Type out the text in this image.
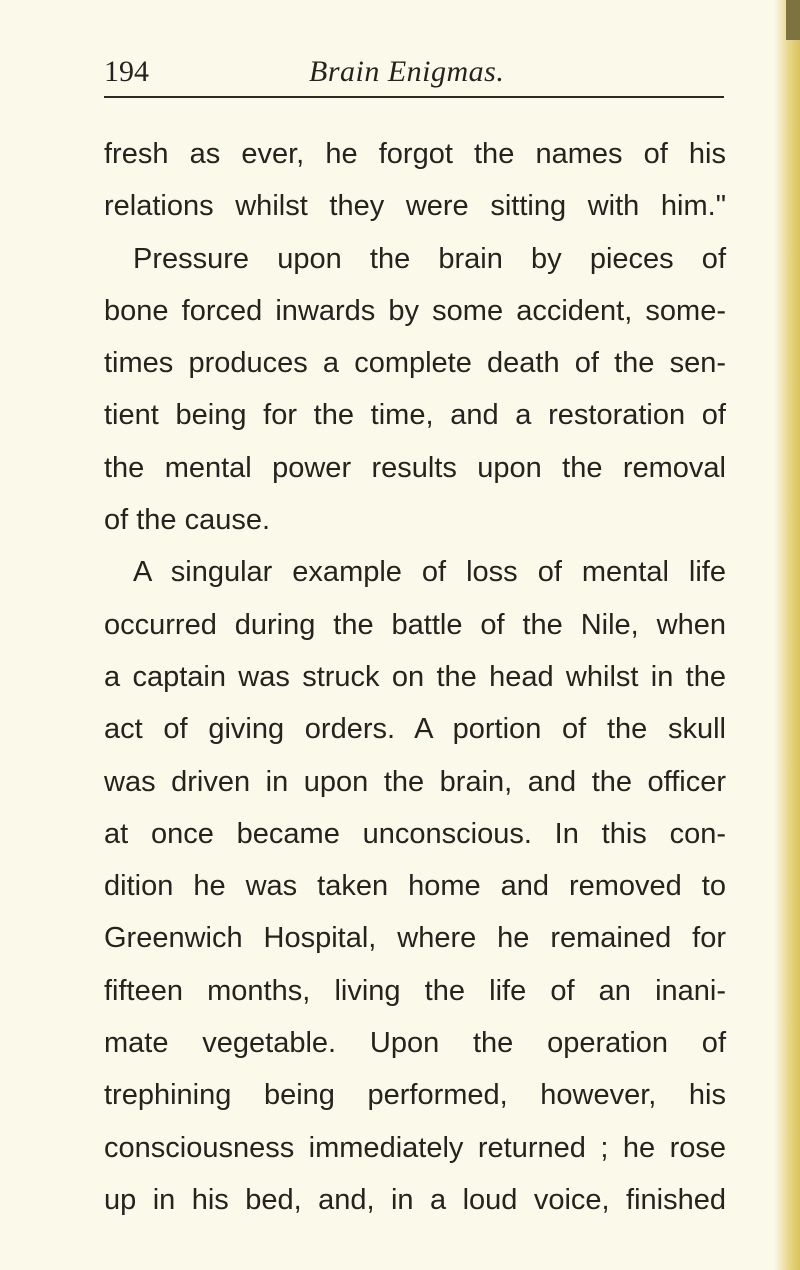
194	Brain Enigmas.
fresh as ever, he forgot the names of his
relations whilst they were sitting with him."
Pressure upon the brain by pieces of
bone forced inwards by some accident, some-
times produces a complete death of the sen-
tient being for the time, and a restoration of
the mental power results upon the removal
of the cause.
A singular example of loss of mental life
occurred during the battle of the Nile, when
a captain was struck on the head whilst in the
act of giving orders. A portion of the skull
was driven in upon the brain, and the officer
at once became unconscious. In this con-
dition he was taken home and removed to
Greenwich Hospital, where he remained for
fifteen months, living the life of an inani-
mate vegetable. Upon the operation of
trephining being performed, however, his
consciousness immediately returned ; he rose
up in his bed, and, in a loud voice, finished
